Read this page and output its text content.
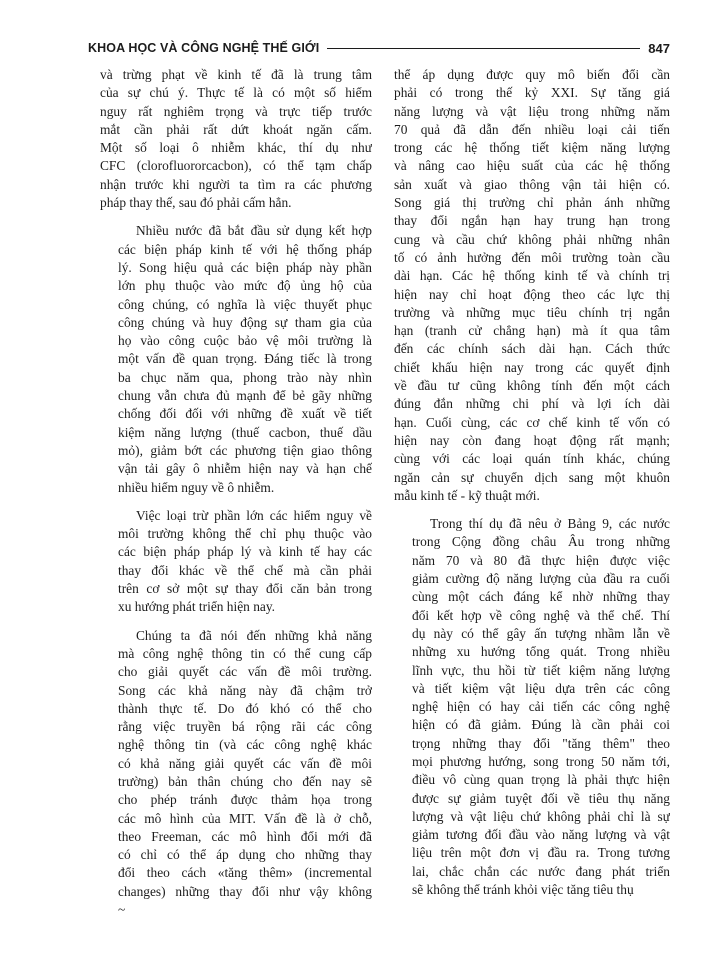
KHOA HỌC VÀ CÔNG NGHỆ THẾ GIỚI	847
và trừng phạt về kinh tế đã là trung tâm
của sự chú ý. Thực tế là có một số hiểm
nguy rất nghiêm trọng và trực tiếp trước
mắt cần phải rất dứt khoát ngăn cấm.
Một số loại ô nhiễm khác, thí dụ như
CFC (clorofluororcacbon), có thể tạm chấp
nhận trước khi người ta tìm ra các phương
pháp thay thế, sau đó phải cấm hẳn.
Nhiều nước đã bắt đầu sử dụng kết hợp
các biện pháp kinh tế với hệ thống pháp
lý. Song hiệu quả các biện pháp này phần
lớn phụ thuộc vào mức độ ủng hộ của
công chúng, có nghĩa là việc thuyết phục
công chúng và huy động sự tham gia của
họ vào công cuộc bảo vệ môi trường là
một vấn đề quan trọng. Đáng tiếc là trong
ba chục năm qua, phong trào này nhìn
chung vẫn chưa đủ mạnh để bẻ gãy những
chống đối đối với những đề xuất về tiết
kiệm năng lượng (thuế cacbon, thuế dầu
mỏ), giảm bớt các phương tiện giao thông
vận tải gây ô nhiễm hiện nay và hạn chế
nhiều hiểm nguy về ô nhiễm.
Việc loại trừ phần lớn các hiểm nguy về
môi trường không thể chỉ phụ thuộc vào
các biện pháp pháp lý và kinh tế hay các
thay đổi khác về thể chế mà cần phải
trên cơ sở một sự thay đổi căn bản trong
xu hướng phát triển hiện nay.
Chúng ta đã nói đến những khả năng
mà công nghệ thông tin có thể cung cấp
cho giải quyết các vấn đề môi trường.
Song các khả năng này đã chậm trở
thành thực tế. Do đó khó có thể cho
rằng việc truyền bá rộng rãi các công
nghệ thông tin (và các công nghệ khác
có khả năng giải quyết các vấn đề môi
trường) bản thân chúng cho đến nay sẽ
cho phép tránh được thảm họa trong
các mô hình của MIT. Vấn đề là ở chỗ,
theo Freeman, các mô hình đổi mới đã
có chỉ có thể áp dụng cho những thay
đổi theo cách «tăng thêm» (incremental
changes) những thay đổi như vậy không
~
thể áp dụng được quy mô biến đổi cần
phải có trong thế kỷ XXI. Sự tăng giá
năng lượng và vật liệu trong những năm
70 quả đã dẫn đến nhiều loại cải tiến
trong các hệ thống tiết kiệm năng lượng
và nâng cao hiệu suất của các hệ thống
sản xuất và giao thông vận tải hiện có.
Song giá thị trường chỉ phản ánh những
thay đổi ngắn hạn hay trung hạn trong
cung và cầu chứ không phải những nhân
tố có ảnh hưởng đến môi trường toàn cầu
dài hạn. Các hệ thống kinh tế và chính trị
hiện nay chỉ hoạt động theo các lực thị
trường và những mục tiêu chính trị ngắn
hạn (tranh cử chẳng hạn) mà ít qua tâm
đến các chính sách dài hạn. Cách thức
chiết khấu hiện nay trong các quyết định
về đầu tư cũng không tính đến một cách
đúng đắn những chi phí và lợi ích dài
hạn. Cuối cùng, các cơ chế kinh tế vốn có
hiện nay còn đang hoạt động rất mạnh;
cùng với các loại quán tính khác, chúng
ngăn cản sự chuyển dịch sang một khuôn
mẫu kinh tế - kỹ thuật mới.
Trong thí dụ đã nêu ở Bảng 9, các nước
trong Cộng đồng châu Âu trong những
năm 70 và 80 đã thực hiện được việc
giảm cường độ năng lượng của đầu ra cuối
cùng một cách đáng kể nhờ những thay
đổi kết hợp về công nghệ và thể chế. Thí
dụ này có thể gây ấn tượng nhầm lẫn về
những xu hướng tổng quát. Trong nhiều
lĩnh vực, thu hồi từ tiết kiệm năng lượng
và tiết kiệm vật liệu dựa trên các công
nghệ hiện có hay cải tiến các công nghệ
hiện có đã giảm. Đúng là cần phải coi
trọng những thay đổi "tăng thêm" theo
mọi phương hướng, song trong 50 năm tới,
điều vô cùng quan trọng là phải thực hiện
được sự giảm tuyệt đối về tiêu thụ năng
lượng và vật liệu chứ không phải chỉ là sự
giảm tương đối đầu vào năng lượng và vật
liệu trên một đơn vị đầu ra. Trong tương
lai, chắc chắn các nước đang phát triển
sẽ không thể tránh khỏi việc tăng tiêu thụ
